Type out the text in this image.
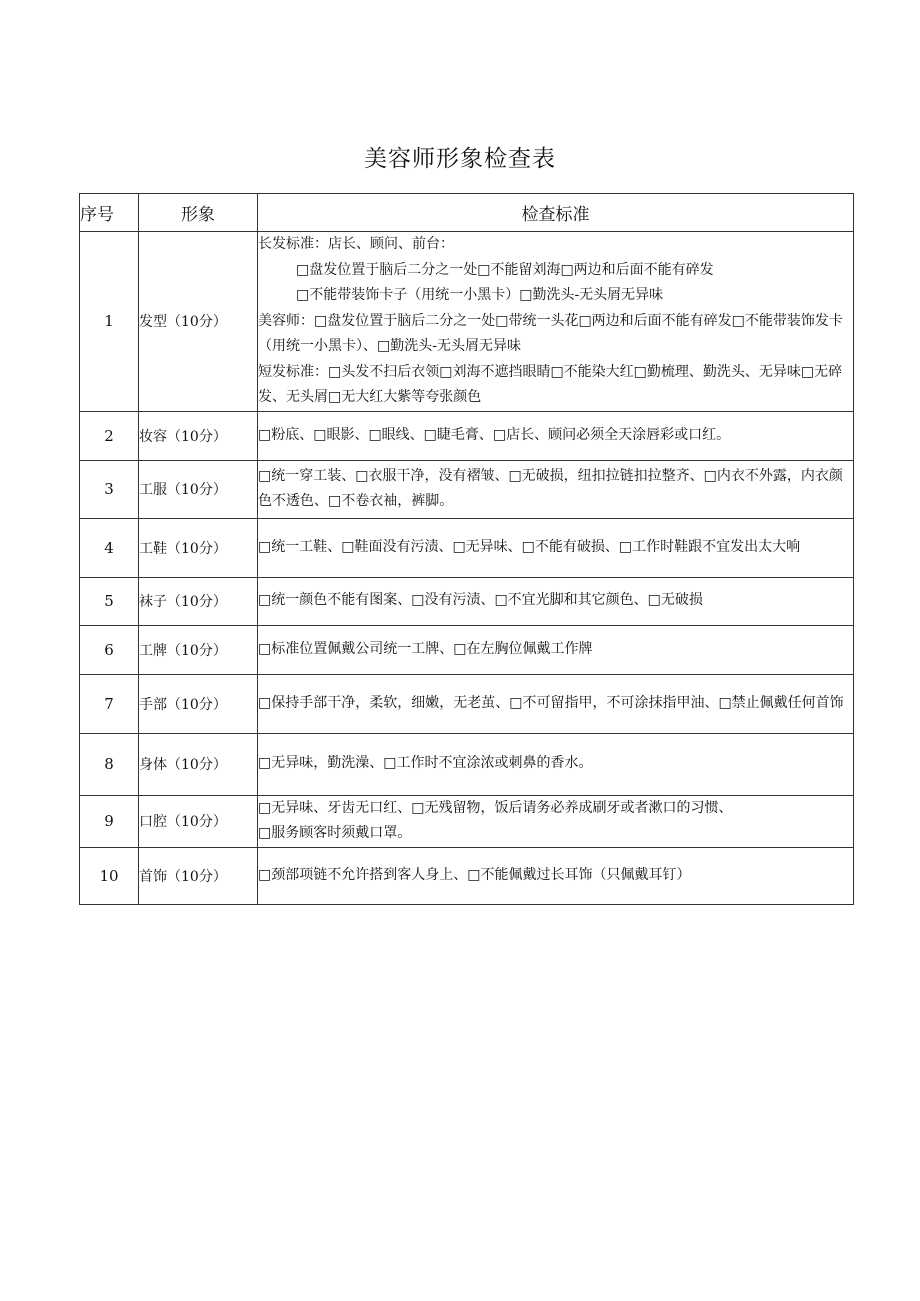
美容师形象检查表
序号	形象	检查标准
1	发型（10分）	长发标准：店长、顾问、前台：
□盘发位置于脑后二分之一处□不能留刘海□两边和后面不能有碎发
□不能带装饰卡子（用统一小黑卡）□勤洗头-无头屑无异味
美容师：□盘发位置于脑后二分之一处□带统一头花□两边和后面不能有碎发□不能带装饰发卡（用统一小黑卡）、□勤洗头-无头屑无异味
短发标准：□头发不扫后衣领□刘海不遮挡眼睛□不能染大红□勤梳理、勤洗头、无异味□无碎发、无头屑□无大红大紫等夸张颜色

2	妆容（10分）	□粉底、□眼影、□眼线、□睫毛膏、□店长、顾问必须全天涂唇彩或口红。

3	工服（10分）	□统一穿工装、□衣服干净，没有褶皱、□无破损，纽扣拉链扣拉整齐、□内衣不外露，内衣颜色不透色、□不卷衣袖，裤脚。

4	工鞋（10分）	□统一工鞋、□鞋面没有污渍、□无异味、□不能有破损、□工作时鞋跟不宜发出太大响

5	袜子（10分）	□统一颜色不能有图案、□没有污渍、□不宜光脚和其它颜色、□无破损

6	工牌（10分）	□标准位置佩戴公司统一工牌、□在左胸位佩戴工作牌

7	手部（10分）	□保持手部干净，柔软，细嫩，无老茧、□不可留指甲，不可涂抹指甲油、□禁止佩戴任何首饰

8	身体（10分）	□无异味，勤洗澡、□工作时不宜涂浓或刺鼻的香水。

9	口腔（10分）	□无异味、牙齿无口红、□无残留物，饭后请务必养成刷牙或者漱口的习惯、
□服务顾客时须戴口罩。

10	首饰（10分）	□颈部项链不允许搭到客人身上、□不能佩戴过长耳饰（只佩戴耳钉）
